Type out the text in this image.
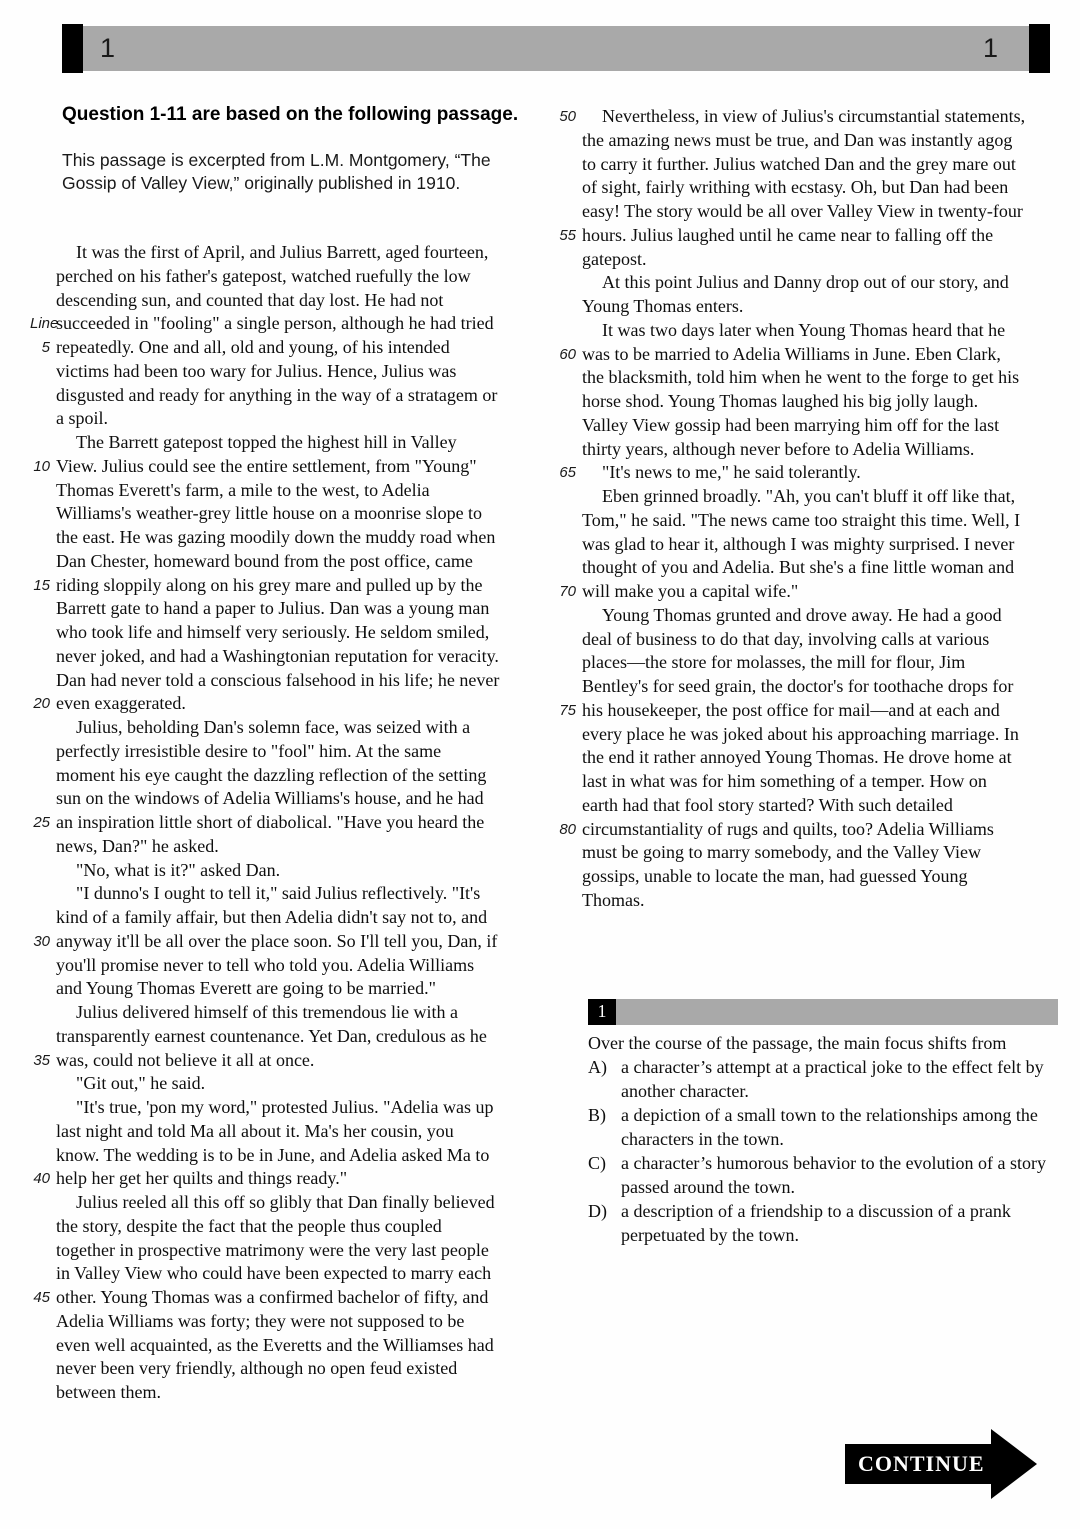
1	1
Question 1-11 are based on the following passage.
This passage is excerpted from L.M. Montgomery, “The Gossip of Valley View,” originally published in 1910.
It was the first of April, and Julius Barrett, aged fourteen,
perched on his father's gatepost, watched ruefully the low
descending sun, and counted that day lost. He had not
Line
succeeded in "fooling" a single person, although he had tried
5 repeatedly. One and all, old and young, of his intended
victims had been too wary for Julius. Hence, Julius was
disgusted and ready for anything in the way of a stratagem or
a spoil.
The Barrett gatepost topped the highest hill in Valley
10 View. Julius could see the entire settlement, from "Young"
Thomas Everett's farm, a mile to the west, to Adelia
Williams's weather-grey little house on a moonrise slope to
the east. He was gazing moodily down the muddy road when
Dan Chester, homeward bound from the post office, came
15 riding sloppily along on his grey mare and pulled up by the
Barrett gate to hand a paper to Julius. Dan was a young man
who took life and himself very seriously. He seldom smiled,
never joked, and had a Washingtonian reputation for veracity.
Dan had never told a conscious falsehood in his life; he never
20 even exaggerated.
Julius, beholding Dan's solemn face, was seized with a
perfectly irresistible desire to "fool" him. At the same
moment his eye caught the dazzling reflection of the setting
sun on the windows of Adelia Williams's house, and he had
25 an inspiration little short of diabolical. "Have you heard the
news, Dan?" he asked.
"No, what is it?" asked Dan.
"I dunno's I ought to tell it," said Julius reflectively. "It's
kind of a family affair, but then Adelia didn't say not to, and
30 anyway it'll be all over the place soon. So I'll tell you, Dan, if
you'll promise never to tell who told you. Adelia Williams
and Young Thomas Everett are going to be married."
Julius delivered himself of this tremendous lie with a
transparently earnest countenance. Yet Dan, credulous as he
35 was, could not believe it all at once.
"Git out," he said.
"It's true, 'pon my word," protested Julius. "Adelia was up
last night and told Ma all about it. Ma's her cousin, you
know. The wedding is to be in June, and Adelia asked Ma to
40 help her get her quilts and things ready."
Julius reeled all this off so glibly that Dan finally believed
the story, despite the fact that the people thus coupled
together in prospective matrimony were the very last people
in Valley View who could have been expected to marry each
45 other. Young Thomas was a confirmed bachelor of fifty, and
Adelia Williams was forty; they were not supposed to be
even well acquainted, as the Everetts and the Williamses had
never been very friendly, although no open feud existed
between them.
50	Nevertheless, in view of Julius's circumstantial statements,
the amazing news must be true, and Dan was instantly agog
to carry it further. Julius watched Dan and the grey mare out
of sight, fairly writhing with ecstasy. Oh, but Dan had been
easy! The story would be all over Valley View in twenty-four
55 hours. Julius laughed until he came near to falling off the
gatepost.
At this point Julius and Danny drop out of our story, and
Young Thomas enters.
It was two days later when Young Thomas heard that he
60 was to be married to Adelia Williams in June. Eben Clark,
the blacksmith, told him when he went to the forge to get his
horse shod. Young Thomas laughed his big jolly laugh.
Valley View gossip had been marrying him off for the last
thirty years, although never before to Adelia Williams.
65	"It's news to me," he said tolerantly.
Eben grinned broadly. "Ah, you can't bluff it off like that,
Tom," he said. "The news came too straight this time. Well, I
was glad to hear it, although I was mighty surprised. I never
thought of you and Adelia. But she's a fine little woman and
70 will make you a capital wife."
Young Thomas grunted and drove away. He had a good
deal of business to do that day, involving calls at various
places—the store for molasses, the mill for flour, Jim
Bentley's for seed grain, the doctor's for toothache drops for
75 his housekeeper, the post office for mail—and at each and
every place he was joked about his approaching marriage. In
the end it rather annoyed Young Thomas. He drove home at
last in what was for him something of a temper. How on
earth had that fool story started? With such detailed
80 circumstantiality of rugs and quilts, too? Adelia Williams
must be going to marry somebody, and the Valley View
gossips, unable to locate the man, had guessed Young
Thomas.
1
Over the course of the passage, the main focus shifts from
A) a character’s attempt at a practical joke to the effect felt by another character.
B) a depiction of a small town to the relationships among the characters in the town.
C) a character’s humorous behavior to the evolution of a story passed around the town.
D) a description of a friendship to a discussion of a prank perpetuated by the town.
CONTINUE
